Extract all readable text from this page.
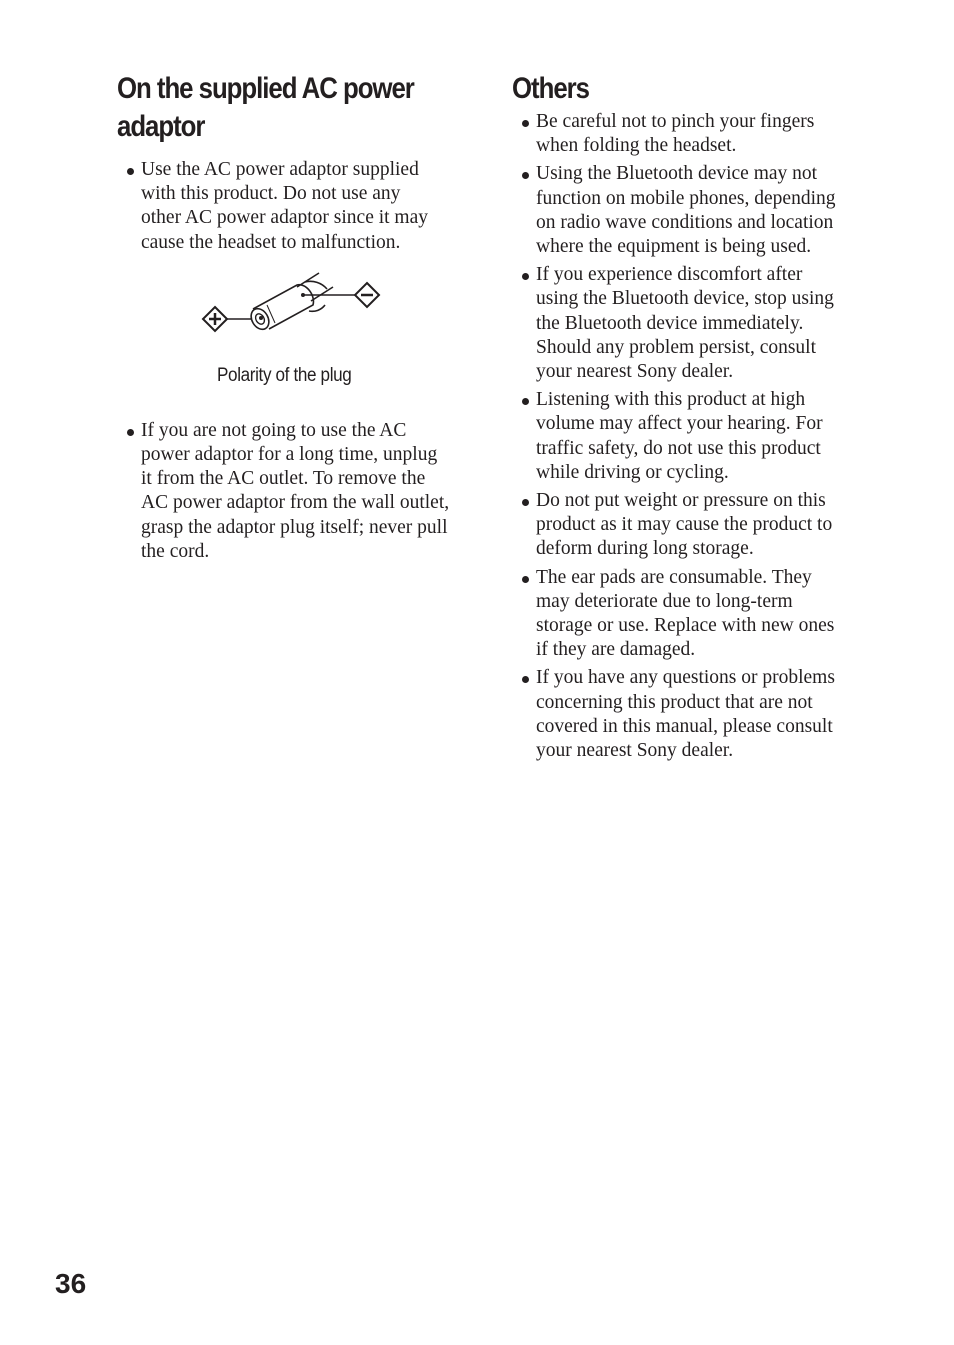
On the supplied AC power
adaptor
Use the AC power adaptor supplied
with this product. Do not use any
other AC power adaptor since it may
cause the headset to malfunction.
Polarity of the plug
If you are not going to use the AC
power adaptor for a long time, unplug
it from the AC outlet. To remove the
AC power adaptor from the wall outlet,
grasp the adaptor plug itself; never pull
the cord.
Others
Be careful not to pinch your fingers
when folding the headset.
Using the Bluetooth device may not
function on mobile phones, depending
on radio wave conditions and location
where the equipment is being used.
If you experience discomfort after
using the Bluetooth device, stop using
the Bluetooth device immediately.
Should any problem persist, consult
your nearest Sony dealer.
Listening with this product at high
volume may affect your hearing. For
traffic safety, do not use this product
while driving or cycling.
Do not put weight or pressure on this
product as it may cause the product to
deform during long storage.
The ear pads are consumable. They
may deteriorate due to long-term
storage or use. Replace with new ones
if they are damaged.
If you have any questions or problems
concerning this product that are not
covered in this manual, please consult
your nearest Sony dealer.
36
